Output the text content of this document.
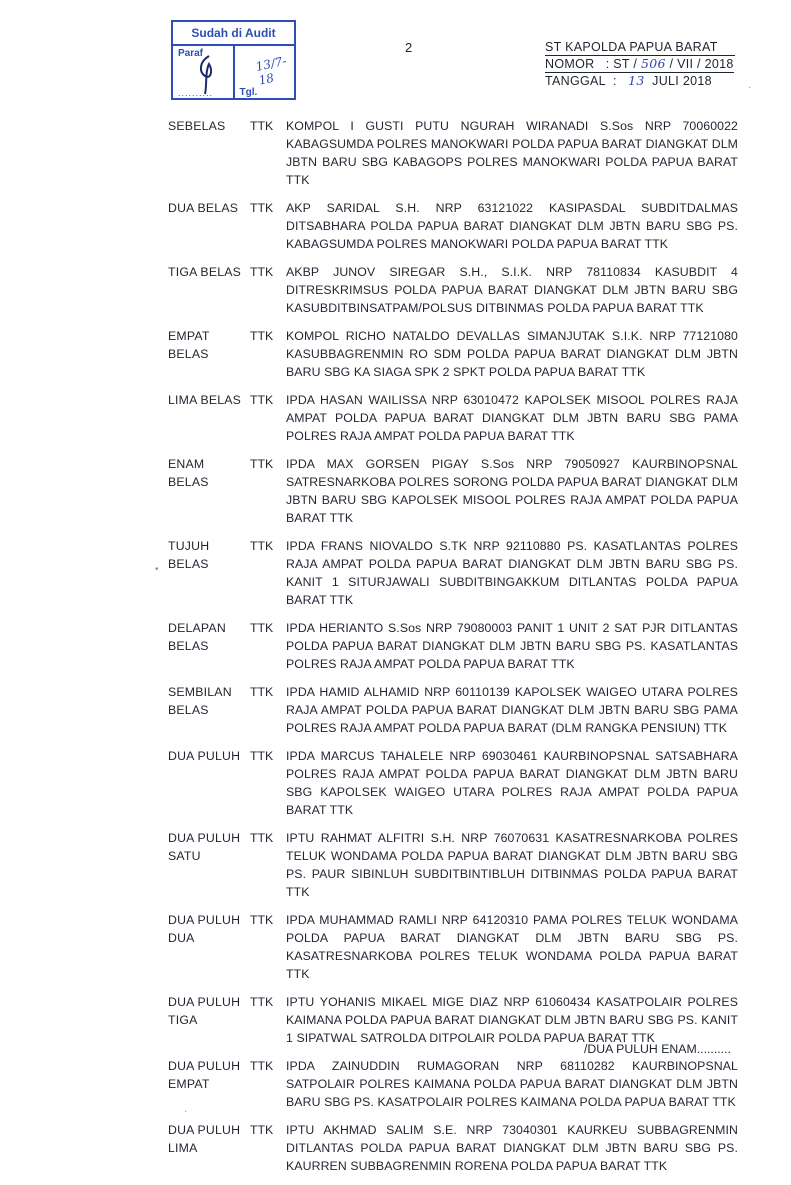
Sudah di Audit
Paraf
..........
13/7-18
Tgl.
2	ST KAPOLDA PAPUA BARAT
NOMOR : ST / 506 / VII / 2018
TANGGAL : 13 JULI 2018
SEBELAS	TTK KOMPOL I GUSTI PUTU NGURAH WIRANADI S.Sos NRP 70060022 KABAGSUMDA POLRES MANOKWARI POLDA PAPUA BARAT DIANGKAT DLM JBTN BARU SBG KABAGOPS POLRES MANOKWARI POLDA PAPUA BARAT TTK
DUA BELAS TTK AKP SARIDAL S.H. NRP 63121022 KASIPASDAL SUBDITDALMAS DITSABHARA POLDA PAPUA BARAT DIANGKAT DLM JBTN BARU SBG PS. KABAGSUMDA POLRES MANOKWARI POLDA PAPUA BARAT TTK
TIGA BELAS TTK AKBP JUNOV SIREGAR S.H., S.I.K. NRP 78110834 KASUBDIT 4 DITRESKRIMSUS POLDA PAPUA BARAT DIANGKAT DLM JBTN BARU SBG KASUBDITBINSATPAM/POLSUS DITBINMAS POLDA PAPUA BARAT TTK
EMPAT BELAS
TTK KOMPOL RICHO NATALDO DEVALLAS SIMANJUTAK S.I.K. NRP 77121080 KASUBBAGRENMIN RO SDM POLDA PAPUA BARAT DIANGKAT DLM JBTN BARU SBG KA SIAGA SPK 2 SPKT POLDA PAPUA BARAT TTK
LIMA BELAS TTK IPDA HASAN WAILISSA NRP 63010472 KAPOLSEK MISOOL POLRES RAJA AMPAT POLDA PAPUA BARAT DIANGKAT DLM JBTN BARU SBG PAMA POLRES RAJA AMPAT POLDA PAPUA BARAT TTK
ENAM BELAS
TTK IPDA MAX GORSEN PIGAY S.Sos NRP 79050927 KAURBINOPSNAL SATRESNARKOBA POLRES SORONG POLDA PAPUA BARAT DIANGKAT DLM JBTN BARU SBG KAPOLSEK MISOOL POLRES RAJA AMPAT POLDA PAPUA BARAT TTK
TUJUH BELAS
TTK IPDA FRANS NIOVALDO S.TK NRP 92110880 PS. KASATLANTAS POLRES RAJA AMPAT POLDA PAPUA BARAT DIANGKAT DLM JBTN BARU SBG PS. KANIT 1 SITURJAWALI SUBDITBINGAKKUM DITLANTAS POLDA PAPUA BARAT TTK
DELAPAN BELAS
TTK IPDA HERIANTO S.Sos NRP 79080003 PANIT 1 UNIT 2 SAT PJR DITLANTAS POLDA PAPUA BARAT DIANGKAT DLM JBTN BARU SBG PS. KASATLANTAS POLRES RAJA AMPAT POLDA PAPUA BARAT TTK
SEMBILAN BELAS
TTK IPDA HAMID ALHAMID NRP 60110139 KAPOLSEK WAIGEO UTARA POLRES RAJA AMPAT POLDA PAPUA BARAT DIANGKAT DLM JBTN BARU SBG PAMA POLRES RAJA AMPAT POLDA PAPUA BARAT (DLM RANGKA PENSIUN) TTK
DUA PULUH TTK IPDA MARCUS TAHALELE NRP 69030461 KAURBINOPSNAL SATSABHARA POLRES RAJA AMPAT POLDA PAPUA BARAT DIANGKAT DLM JBTN BARU SBG KAPOLSEK WAIGEO UTARA POLRES RAJA AMPAT POLDA PAPUA BARAT TTK
DUA PULUH SATU
TTK IPTU RAHMAT ALFITRI S.H. NRP 76070631 KASATRESNARKOBA POLRES TELUK WONDAMA POLDA PAPUA BARAT DIANGKAT DLM JBTN BARU SBG PS. PAUR SIBINLUH SUBDITBINTIBLUH DITBINMAS POLDA PAPUA BARAT TTK
DUA PULUH DUA
TTK IPDA MUHAMMAD RAMLI NRP 64120310 PAMA POLRES TELUK WONDAMA POLDA PAPUA BARAT DIANGKAT DLM JBTN BARU SBG PS. KASATRESNARKOBA POLRES TELUK WONDAMA POLDA PAPUA BARAT TTK
DUA PULUH TIGA
TTK IPTU YOHANIS MIKAEL MIGE DIAZ NRP 61060434 KASATPOLAIR POLRES KAIMANA POLDA PAPUA BARAT DIANGKAT DLM JBTN BARU SBG PS. KANIT 1 SIPATWAL SATROLDA DITPOLAIR POLDA PAPUA BARAT TTK
DUA PULUH EMPAT
TTK IPDA ZAINUDDIN RUMAGORAN NRP 68110282 KAURBINOPSNAL SATPOLAIR POLRES KAIMANA POLDA PAPUA BARAT DIANGKAT DLM JBTN BARU SBG PS. KASATPOLAIR POLRES KAIMANA POLDA PAPUA BARAT TTK
DUA PULUH LIMA
TTK IPTU AKHMAD SALIM S.E. NRP 73040301 KAURKEU SUBBAGRENMIN DITLANTAS POLDA PAPUA BARAT DIANGKAT DLM JBTN BARU SBG PS. KAURREN SUBBAGRENMIN RORENA POLDA PAPUA BARAT TTK
/DUA PULUH ENAM..........
•
·
·
